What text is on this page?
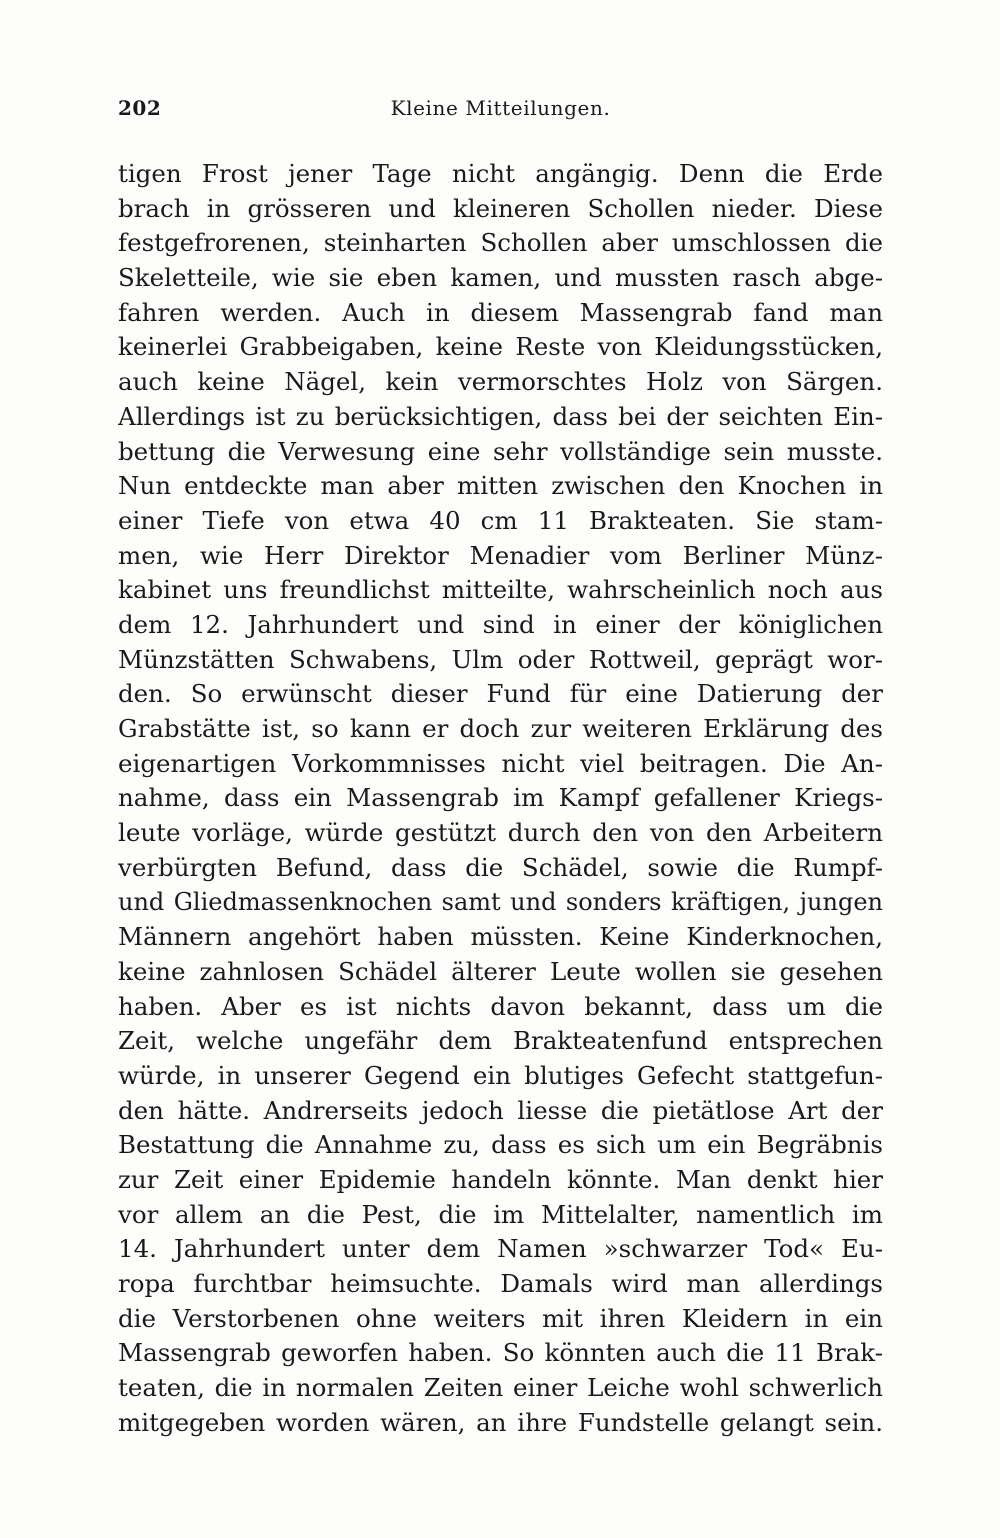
202	Kleine Mitteilungen.
tigen Frost jener Tage nicht angängig. Denn die Erde
brach in grösseren und kleineren Schollen nieder. Diese
festgefrorenen, steinharten Schollen aber umschlossen die
Skeletteile, wie sie eben kamen, und mussten rasch abge-
fahren werden. Auch in diesem Massengrab fand man
keinerlei Grabbeigaben, keine Reste von Kleidungsstücken,
auch keine Nägel, kein vermorschtes Holz von Särgen.
Allerdings ist zu berücksichtigen, dass bei der seichten Ein-
bettung die Verwesung eine sehr vollständige sein musste.
Nun entdeckte man aber mitten zwischen den Knochen in
einer Tiefe von etwa 40 cm 11 Brakteaten. Sie stam-
men, wie Herr Direktor Menadier vom Berliner Münz-
kabinet uns freundlichst mitteilte, wahrscheinlich noch aus
dem 12. Jahrhundert und sind in einer der königlichen
Münzstätten Schwabens, Ulm oder Rottweil, geprägt wor-
den. So erwünscht dieser Fund für eine Datierung der
Grabstätte ist, so kann er doch zur weiteren Erklärung des
eigenartigen Vorkommnisses nicht viel beitragen. Die An-
nahme, dass ein Massengrab im Kampf gefallener Kriegs-
leute vorläge, würde gestützt durch den von den Arbeitern
verbürgten Befund, dass die Schädel, sowie die Rumpf-
und Gliedmassenknochen samt und sonders kräftigen, jungen
Männern angehört haben müssten. Keine Kinderknochen,
keine zahnlosen Schädel älterer Leute wollen sie gesehen
haben. Aber es ist nichts davon bekannt, dass um die
Zeit, welche ungefähr dem Brakteatenfund entsprechen
würde, in unserer Gegend ein blutiges Gefecht stattgefun-
den hätte. Andrerseits jedoch liesse die pietätlose Art der
Bestattung die Annahme zu, dass es sich um ein Begräbnis
zur Zeit einer Epidemie handeln könnte. Man denkt hier
vor allem an die Pest, die im Mittelalter, namentlich im
14. Jahrhundert unter dem Namen »schwarzer Tod« Eu-
ropa furchtbar heimsuchte. Damals wird man allerdings
die Verstorbenen ohne weiters mit ihren Kleidern in ein
Massengrab geworfen haben. So könnten auch die 11 Brak-
teaten, die in normalen Zeiten einer Leiche wohl schwerlich
mitgegeben worden wären, an ihre Fundstelle gelangt sein.
